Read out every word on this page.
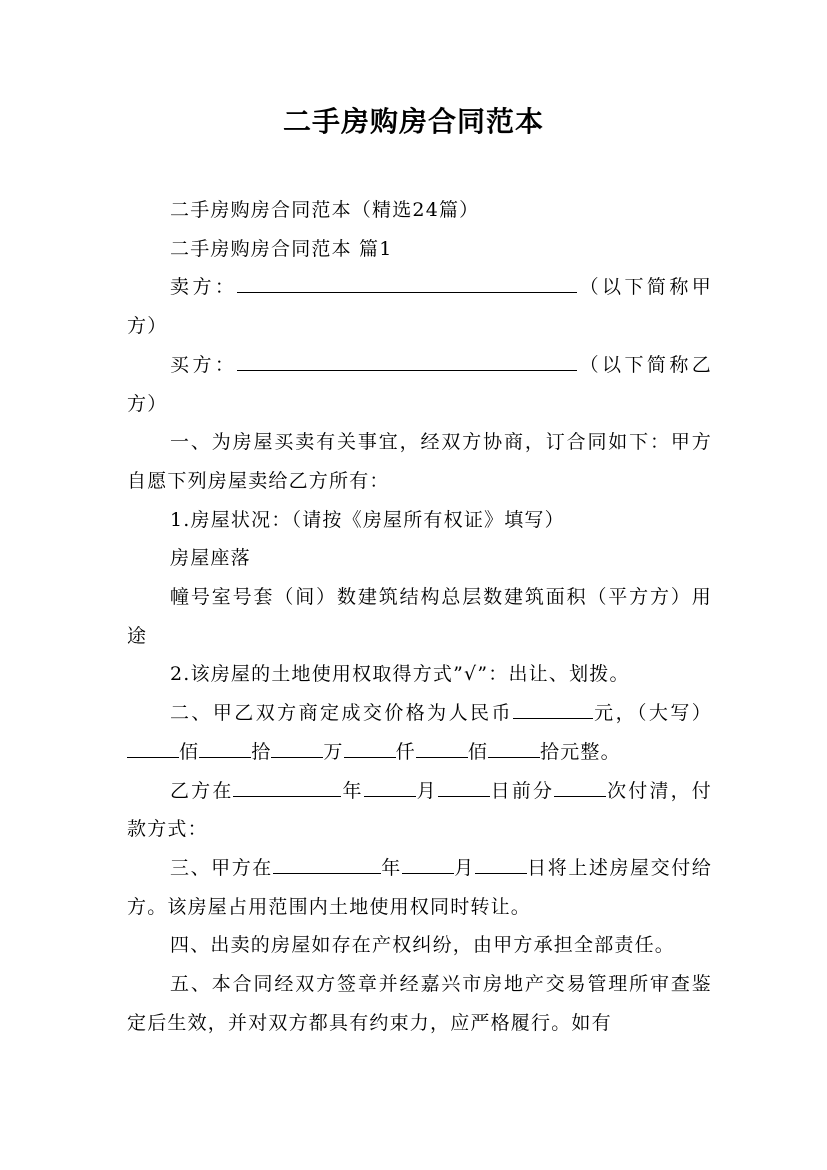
二手房购房合同范本

二手房购房合同范本（精选24篇）

二手房购房合同范本 篇1

卖方：	（以下简称甲方）

买方：	（以下简称乙方）

一、为房屋买卖有关事宜，经双方协商，订合同如下：甲方自愿下列房屋卖给乙方所有：

1.房屋状况：（请按《房屋所有权证》填写）

房屋座落

幢号室号套（间）数建筑结构总层数建筑面积（平方方）用途

2.该房屋的土地使用权取得方式”√”：出让、划拨。

二、甲乙双方商定成交价格为人民币	元，（大写）佰	拾	万	仟	佰	拾元整。

乙方在	年	月	日前分	次付清，付款方式：

三、甲方在	年	月	日将上述房屋交付给方。该房屋占用范围内土地使用权同时转让。

四、出卖的房屋如存在产权纠纷，由甲方承担全部责任。

五、本合同经双方签章并经嘉兴市房地产交易管理所审查鉴定后生效，并对双方都具有约束力，应严格履行。如有
